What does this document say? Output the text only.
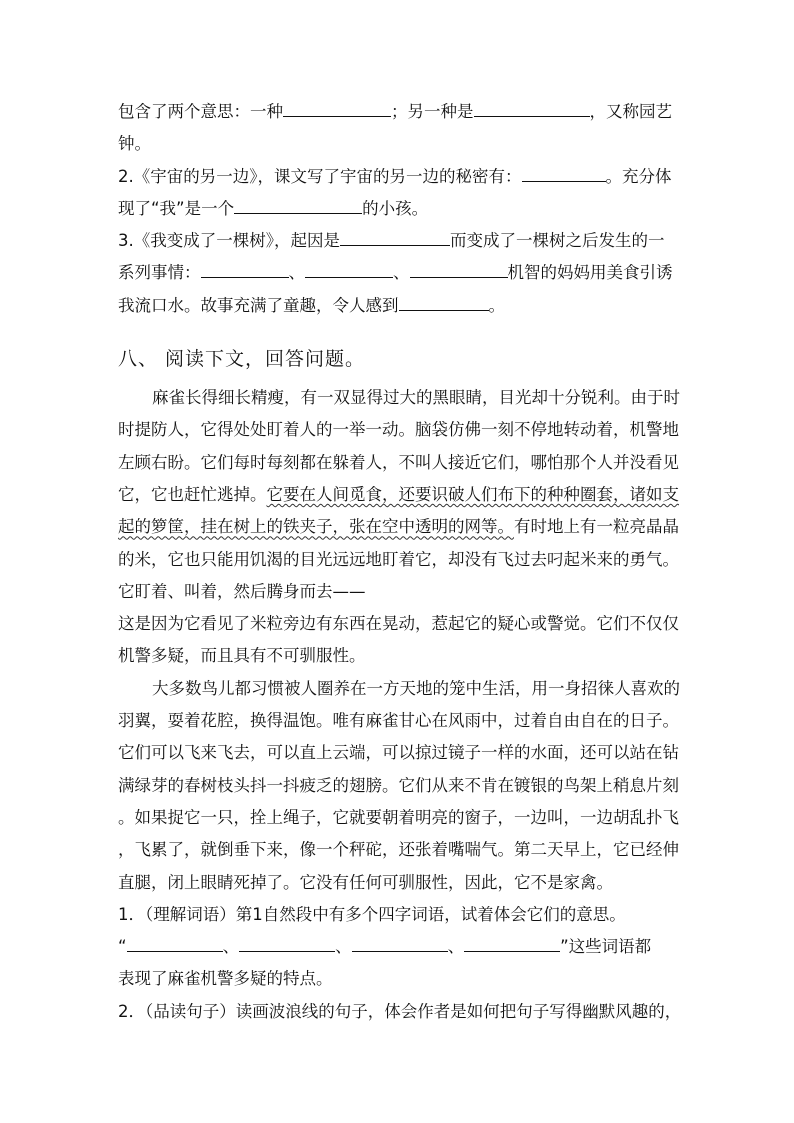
包含了两个意思：一种	；另一种是	，又称园艺
钟。
2.《宇宙的另一边》，课文写了宇宙的另一边的秘密有：	。充分体
现了“我”是一个	的小孩。
3.《我变成了一棵树》，起因是	而变成了一棵树之后发生的一
系列事情：	、	、	机智的妈妈用美食引诱
我流口水。故事充满了童趣，令人感到	。
八、 阅读下文，回答问题。
麻雀长得细长精瘦，有一双显得过大的黑眼睛，目光却十分锐利。由于时
时提防人，它得处处盯着人的一举一动。脑袋仿佛一刻不停地转动着，机警地
左顾右盼。它们每时每刻都在躲着人，不叫人接近它们，哪怕那个人并没看见
它，它也赶忙逃掉。它要在人间觅食，还要识破人们布下的种种圈套，诸如支
起的箩筐，挂在树上的铁夹子，张在空中透明的网等。有时地上有一粒亮晶晶
的米，它也只能用饥渴的目光远远地盯着它，却没有飞过去叼起米来的勇气。
它盯着、叫着，然后腾身而去——
这是因为它看见了米粒旁边有东西在晃动，惹起它的疑心或警觉。它们不仅仅
机警多疑，而且具有不可驯服性。
大多数鸟儿都习惯被人圈养在一方天地的笼中生活，用一身招徕人喜欢的
羽翼，耍着花腔，换得温饱。唯有麻雀甘心在风雨中，过着自由自在的日子。
它们可以飞来飞去，可以直上云端，可以掠过镜子一样的水面，还可以站在钻
满绿芽的春树枝头抖一抖疲乏的翅膀。它们从来不肯在镀银的鸟架上稍息片刻
。如果捉它一只，拴上绳子，它就要朝着明亮的窗子，一边叫，一边胡乱扑飞
，飞累了，就倒垂下来，像一个秤砣，还张着嘴喘气。第二天早上，它已经伸
直腿，闭上眼睛死掉了。它没有任何可驯服性，因此，它不是家禽。
1．（理解词语）第1自然段中有多个四字词语，试着体会它们的意思。
“	、	、	、	”这些词语都
表现了麻雀机警多疑的特点。
2．（品读句子）读画波浪线的句子，体会作者是如何把句子写得幽默风趣的，
